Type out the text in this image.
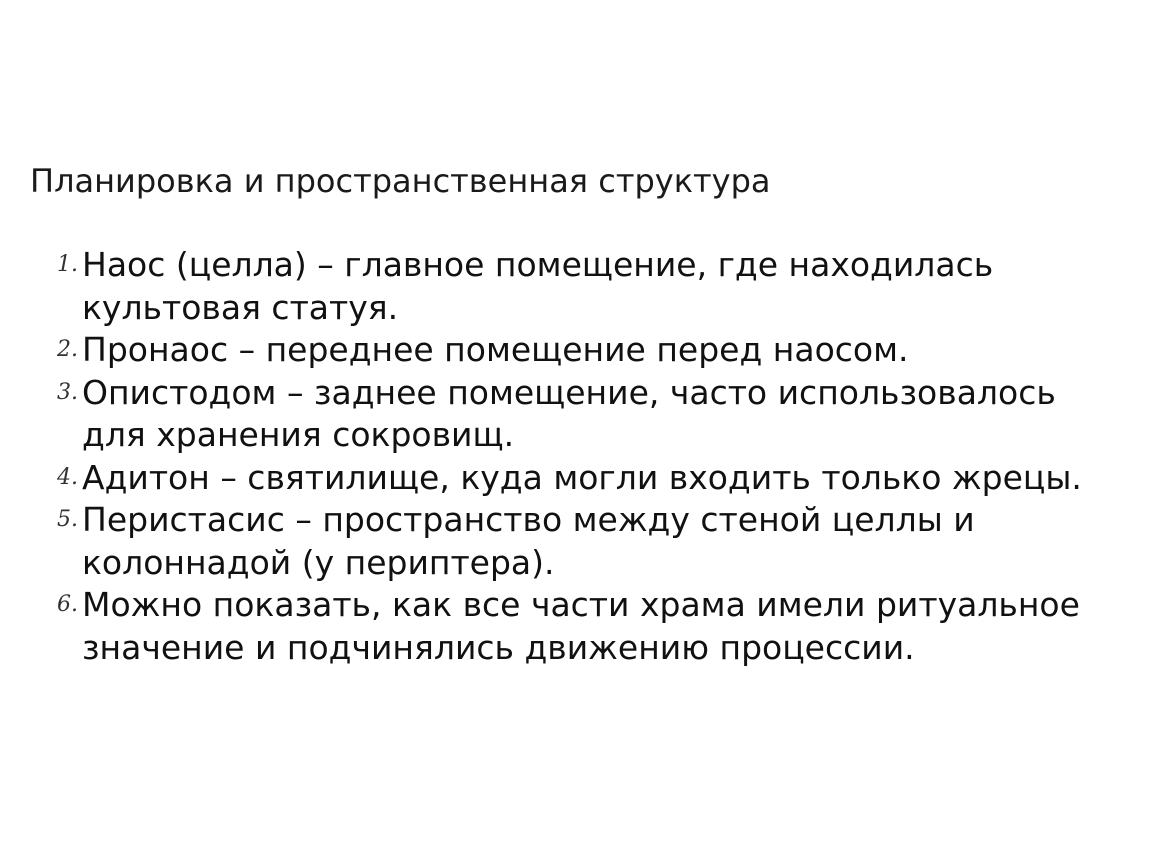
Планировка и пространственная структура
1. Наос (целла) – главное помещение, где находилась культовая статуя.
2. Пронаос – переднее помещение перед наосом.
3. Опистодом – заднее помещение, часто использовалось для хранения сокровищ.
4. Адитон – святилище, куда могли входить только жрецы.
5. Перистасис – пространство между стеной целлы и колоннадой (у периптера).
6. Можно показать, как все части храма имели ритуальное значение и подчинялись движению процессии.
